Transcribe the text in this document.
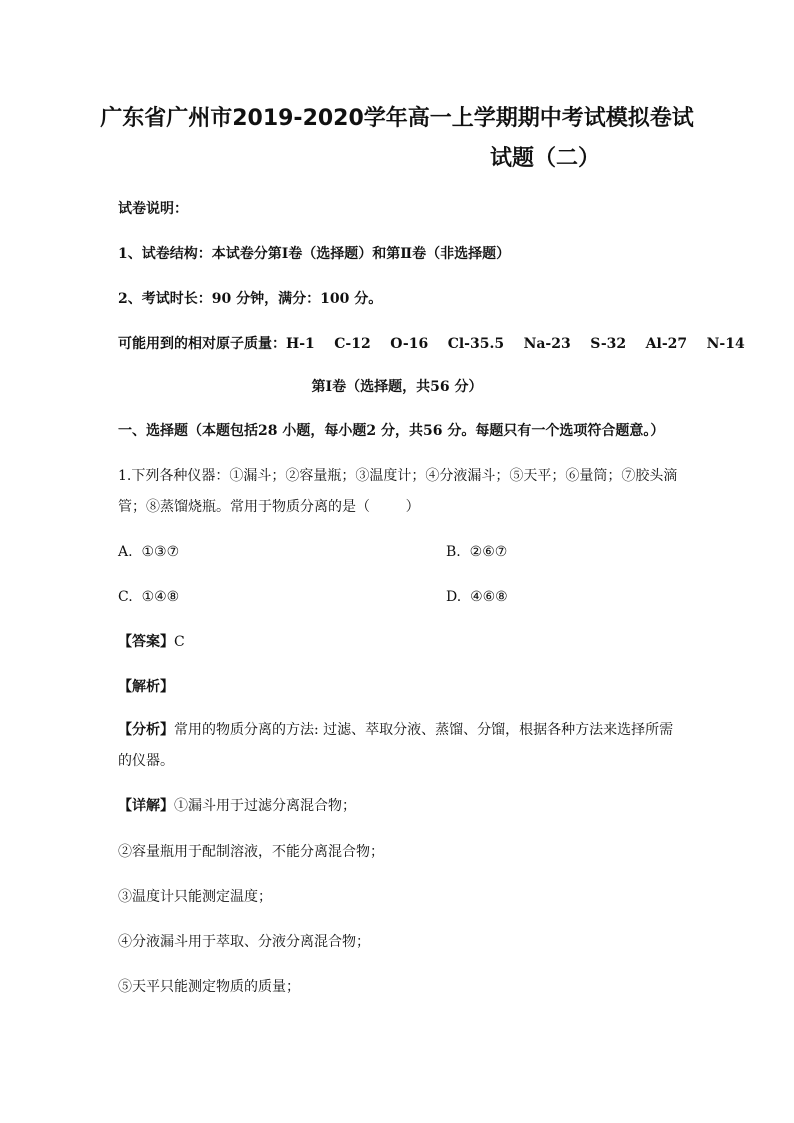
广东省广州市2019-2020学年高一上学期期中考试模拟卷试
试题（二）
试卷说明：
1、试卷结构：本试卷分第Ⅰ卷（选择题）和第Ⅱ卷（非选择题）
2、考试时长：90 分钟，满分：100 分。
可能用到的相对原子质量：H-1    C-12    O-16    Cl-35.5    Na-23    S-32    Al-27    N-14
第Ⅰ卷（选择题，共56 分）
一、选择题（本题包括28 小题，每小题2 分，共56 分。每题只有一个选项符合题意。）
1.下列各种仪器：①漏斗；②容量瓶；③温度计；④分液漏斗；⑤天平；⑥量筒；⑦胶头滴
管；⑧蒸馏烧瓶。常用于物质分离的是（        ）
A.  ①③⑦	B.  ②⑥⑦
C.  ①④⑧	D.  ④⑥⑧
【答案】C
【解析】
【分析】常用的物质分离的方法: 过滤、萃取分液、蒸馏、分馏，根据各种方法来选择所需
的仪器。
【详解】①漏斗用于过滤分离混合物；
②容量瓶用于配制溶液，不能分离混合物；
③温度计只能测定温度；
④分液漏斗用于萃取、分液分离混合物；
⑤天平只能测定物质的质量；
